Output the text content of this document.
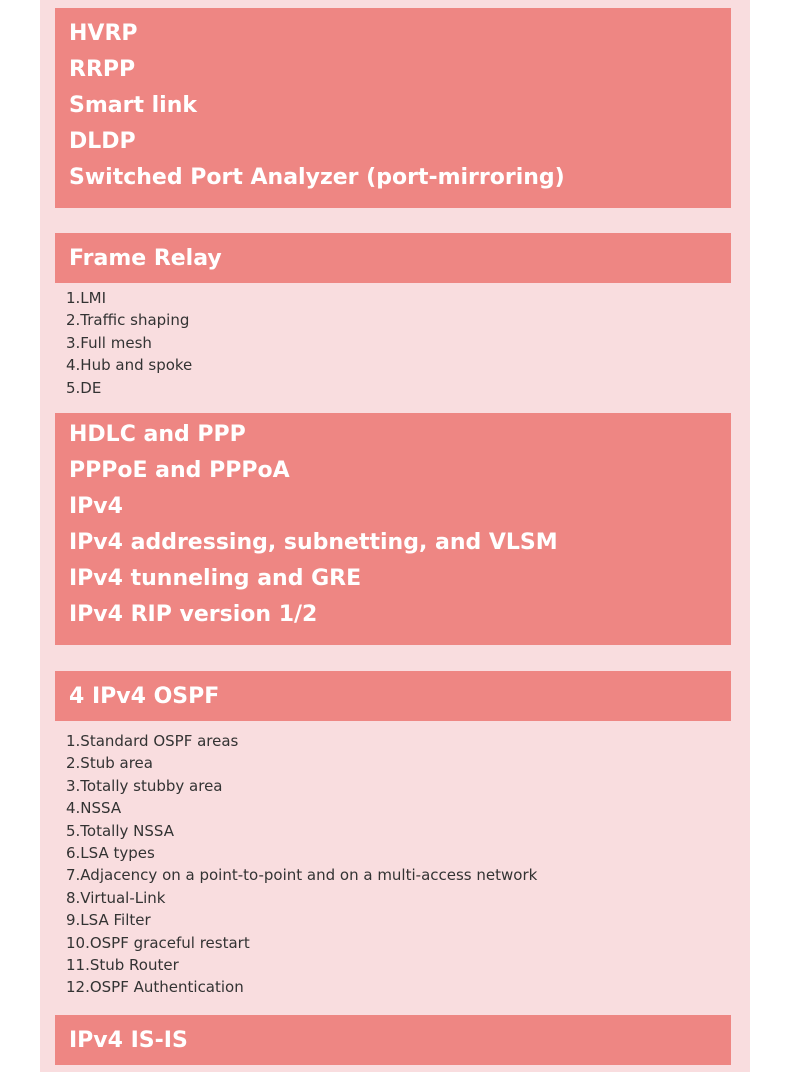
HVRP
RRPP
Smart link
DLDP
Switched Port Analyzer (port-mirroring)
Frame Relay
1.LMI
2.Traffic shaping
3.Full mesh
4.Hub and spoke
5.DE
HDLC and PPP
PPPoE and PPPoA
IPv4
IPv4 addressing, subnetting, and VLSM
IPv4 tunneling and GRE
IPv4 RIP version 1/2
4 IPv4 OSPF
1.Standard OSPF areas
2.Stub area
3.Totally stubby area
4.NSSA
5.Totally NSSA
6.LSA types
7.Adjacency on a point-to-point and on a multi-access network
8.Virtual-Link
9.LSA Filter
10.OSPF graceful restart
11.Stub Router
12.OSPF Authentication
IPv4 IS-IS
